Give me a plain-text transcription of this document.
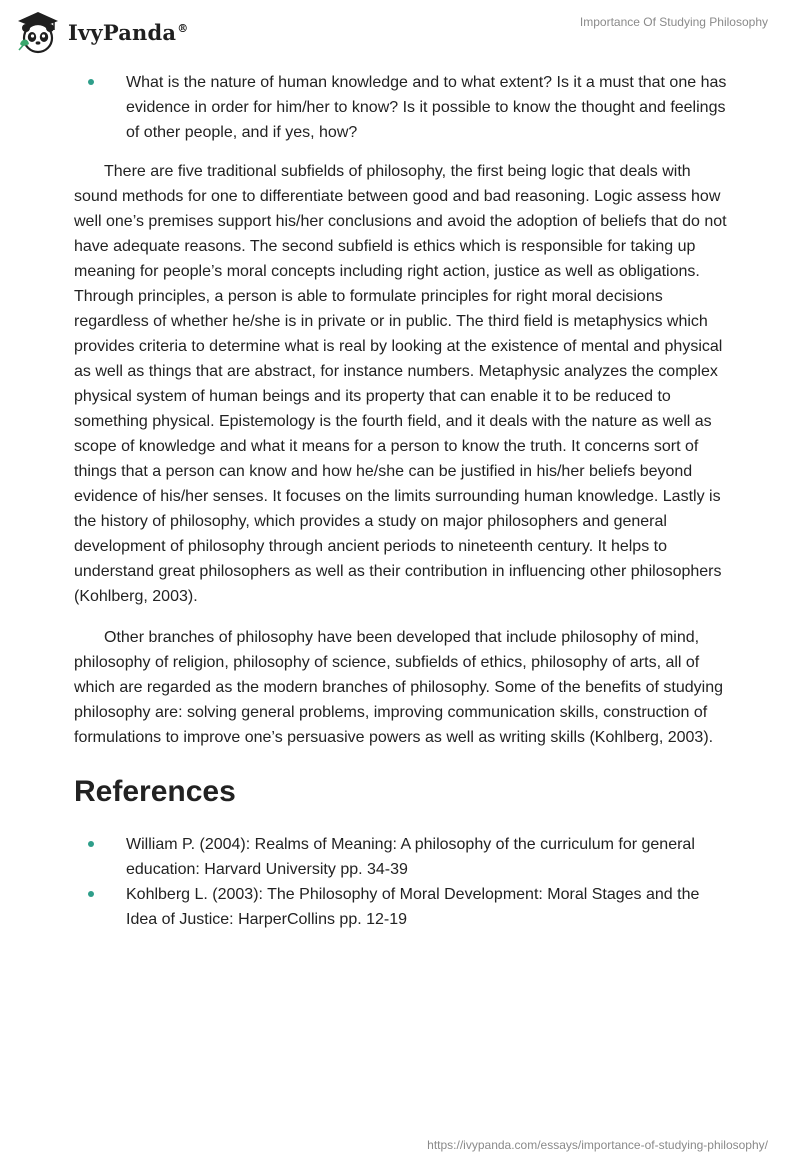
IvyPanda®	Importance Of Studying Philosophy
What is the nature of human knowledge and to what extent? Is it a must that one has evidence in order for him/her to know? Is it possible to know the thought and feelings of other people, and if yes, how?

There are five traditional subfields of philosophy, the first being logic that deals with sound methods for one to differentiate between good and bad reasoning. Logic assess how well one’s premises support his/her conclusions and avoid the adoption of beliefs that do not have adequate reasons. The second subfield is ethics which is responsible for taking up meaning for people’s moral concepts including right action, justice as well as obligations. Through principles, a person is able to formulate principles for right moral decisions regardless of whether he/she is in private or in public. The third field is metaphysics which provides criteria to determine what is real by looking at the existence of mental and physical as well as things that are abstract, for instance numbers. Metaphysic analyzes the complex physical system of human beings and its property that can enable it to be reduced to something physical. Epistemology is the fourth field, and it deals with the nature as well as scope of knowledge and what it means for a person to know the truth. It concerns sort of things that a person can know and how he/she can be justified in his/her beliefs beyond evidence of his/her senses. It focuses on the limits surrounding human knowledge. Lastly is the history of philosophy, which provides a study on major philosophers and general development of philosophy through ancient periods to nineteenth century. It helps to understand great philosophers as well as their contribution in influencing other philosophers (Kohlberg, 2003).

Other branches of philosophy have been developed that include philosophy of mind, philosophy of religion, philosophy of science, subfields of ethics, philosophy of arts, all of which are regarded as the modern branches of philosophy. Some of the benefits of studying philosophy are: solving general problems, improving communication skills, construction of formulations to improve one’s persuasive powers as well as writing skills (Kohlberg, 2003).

References
William P. (2004): Realms of Meaning: A philosophy of the curriculum for general education: Harvard University pp. 34-39
Kohlberg L. (2003): The Philosophy of Moral Development: Moral Stages and the Idea of Justice: HarperCollins pp. 12-19
https://ivypanda.com/essays/importance-of-studying-philosophy/
